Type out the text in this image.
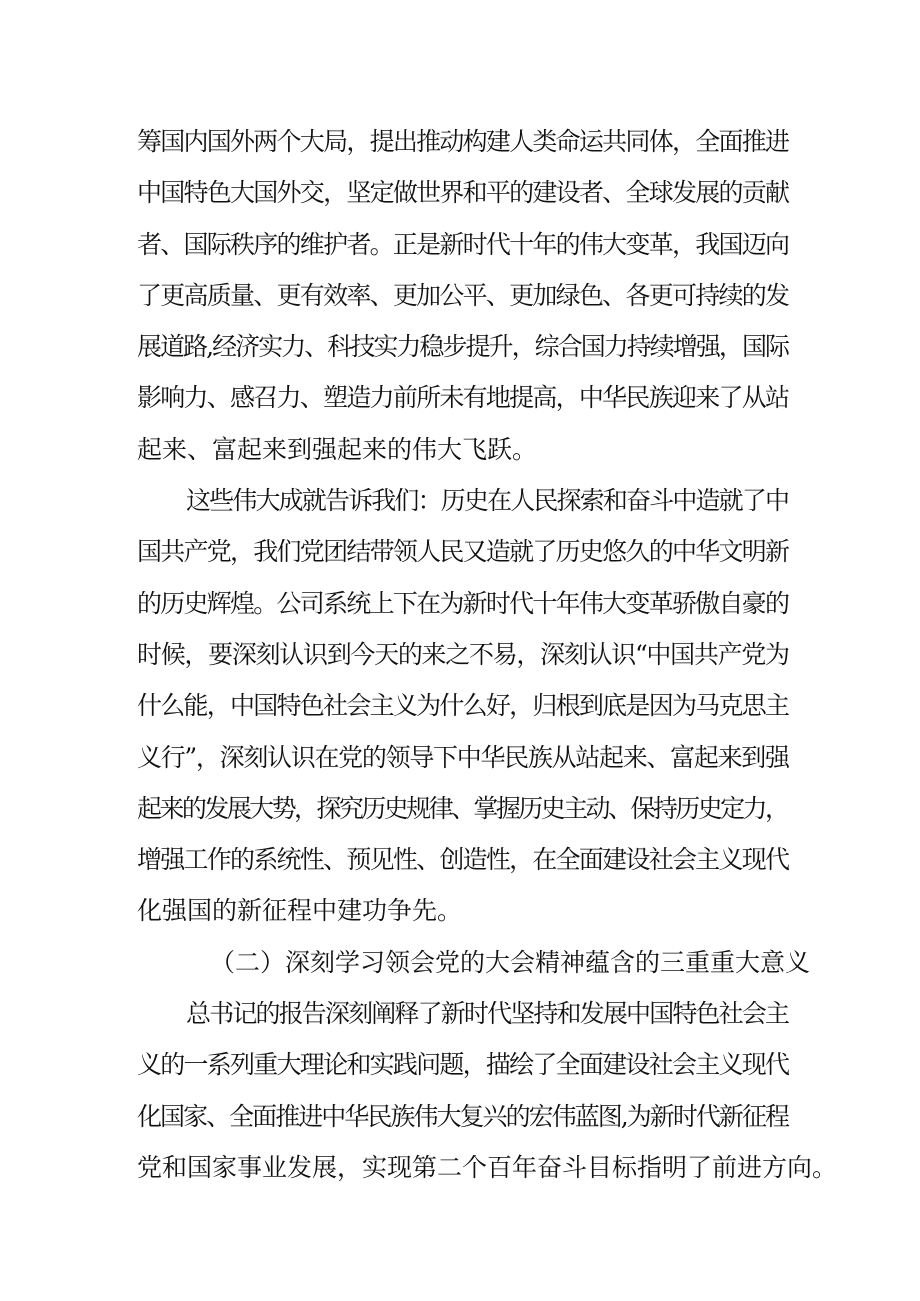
筹国内国外两个大局，提出推动构建人类命运共同体，全面推进
中国特色大国外交，坚定做世界和平的建设者、全球发展的贡献
者、国际秩序的维护者。正是新时代十年的伟大变革，我国迈向
了更高质量、更有效率、更加公平、更加绿色、各更可持续的发
展道路,经济实力、科技实力稳步提升，综合国力持续增强，国际
影响力、感召力、塑造力前所未有地提高，中华民族迎来了从站
起来、富起来到强起来的伟大飞跃。
这些伟大成就告诉我们：历史在人民探索和奋斗中造就了中
国共产党，我们党团结带领人民又造就了历史悠久的中华文明新
的历史辉煌。公司系统上下在为新时代十年伟大变革骄傲自豪的
时候，要深刻认识到今天的来之不易，深刻认识“中国共产党为
什么能，中国特色社会主义为什么好，归根到底是因为马克思主
义行”，深刻认识在党的领导下中华民族从站起来、富起来到强
起来的发展大势，探究历史规律、掌握历史主动、保持历史定力，
增强工作的系统性、预见性、创造性，在全面建设社会主义现代
化强国的新征程中建功争先。
（二）深刻学习领会党的大会精神蕴含的三重重大意义
总书记的报告深刻阐释了新时代坚持和发展中国特色社会主
义的一系列重大理论和实践问题，描绘了全面建设社会主义现代
化国家、全面推进中华民族伟大复兴的宏伟蓝图,为新时代新征程
党和国家事业发展，实现第二个百年奋斗目标指明了前进方向。
